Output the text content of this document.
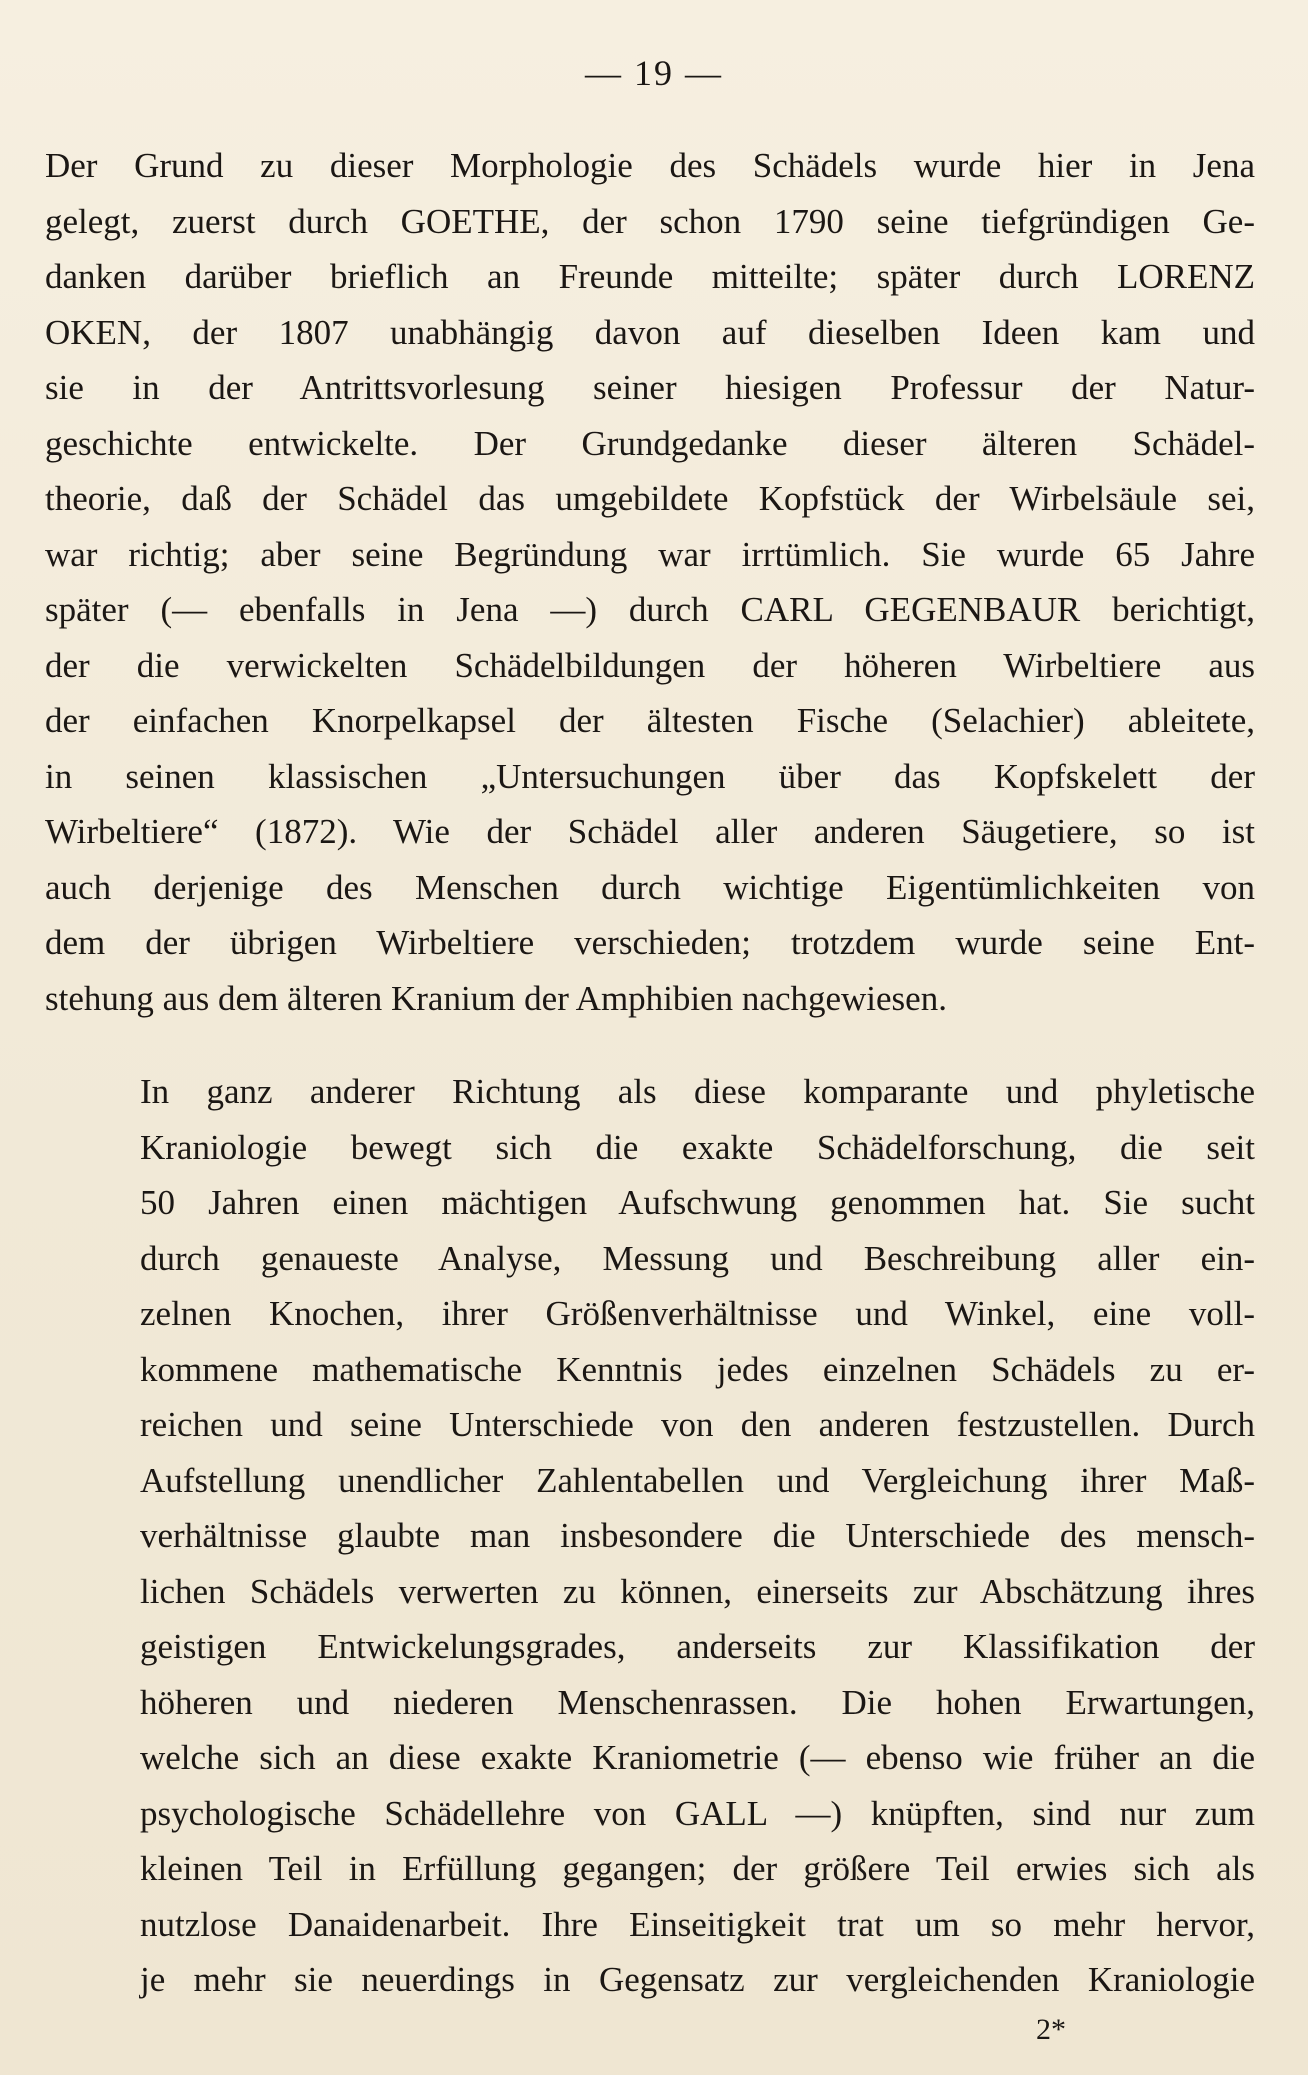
— 19 —

Der Grund zu dieser Morphologie des Schädels wurde hier in Jena
gelegt, zuerst durch GOETHE, der schon 1790 seine tiefgründigen Ge-
danken darüber brieflich an Freunde mitteilte; später durch LORENZ
OKEN, der 1807 unabhängig davon auf dieselben Ideen kam und
sie in der Antrittsvorlesung seiner hiesigen Professur der Natur-
geschichte entwickelte. Der Grundgedanke dieser älteren Schädel-
theorie, daß der Schädel das umgebildete Kopfstück der Wirbelsäule sei,
war richtig; aber seine Begründung war irrtümlich. Sie wurde 65 Jahre
später (— ebenfalls in Jena —) durch CARL GEGENBAUR berichtigt,
der die verwickelten Schädelbildungen der höheren Wirbeltiere aus
der einfachen Knorpelkapsel der ältesten Fische (Selachier) ableitete,
in seinen klassischen „Untersuchungen über das Kopfskelett der
Wirbeltiere“ (1872). Wie der Schädel aller anderen Säugetiere, so ist
auch derjenige des Menschen durch wichtige Eigentümlichkeiten von
dem der übrigen Wirbeltiere verschieden; trotzdem wurde seine Ent-
stehung aus dem älteren Kranium der Amphibien nachgewiesen.

In ganz anderer Richtung als diese komparante und phyletische
Kraniologie bewegt sich die exakte Schädelforschung, die seit
50 Jahren einen mächtigen Aufschwung genommen hat. Sie sucht
durch genaueste Analyse, Messung und Beschreibung aller ein-
zelnen Knochen, ihrer Größenverhältnisse und Winkel, eine voll-
kommene mathematische Kenntnis jedes einzelnen Schädels zu er-
reichen und seine Unterschiede von den anderen festzustellen. Durch
Aufstellung unendlicher Zahlentabellen und Vergleichung ihrer Maß-
verhältnisse glaubte man insbesondere die Unterschiede des mensch-
lichen Schädels verwerten zu können, einerseits zur Abschätzung ihres
geistigen Entwickelungsgrades, anderseits zur Klassifikation der
höheren und niederen Menschenrassen. Die hohen Erwartungen,
welche sich an diese exakte Kraniometrie (— ebenso wie früher an die
psychologische Schädellehre von GALL —) knüpften, sind nur zum
kleinen Teil in Erfüllung gegangen; der größere Teil erwies sich als
nutzlose Danaidenarbeit. Ihre Einseitigkeit trat um so mehr hervor,
je mehr sie neuerdings in Gegensatz zur vergleichenden Kraniologie

2*
